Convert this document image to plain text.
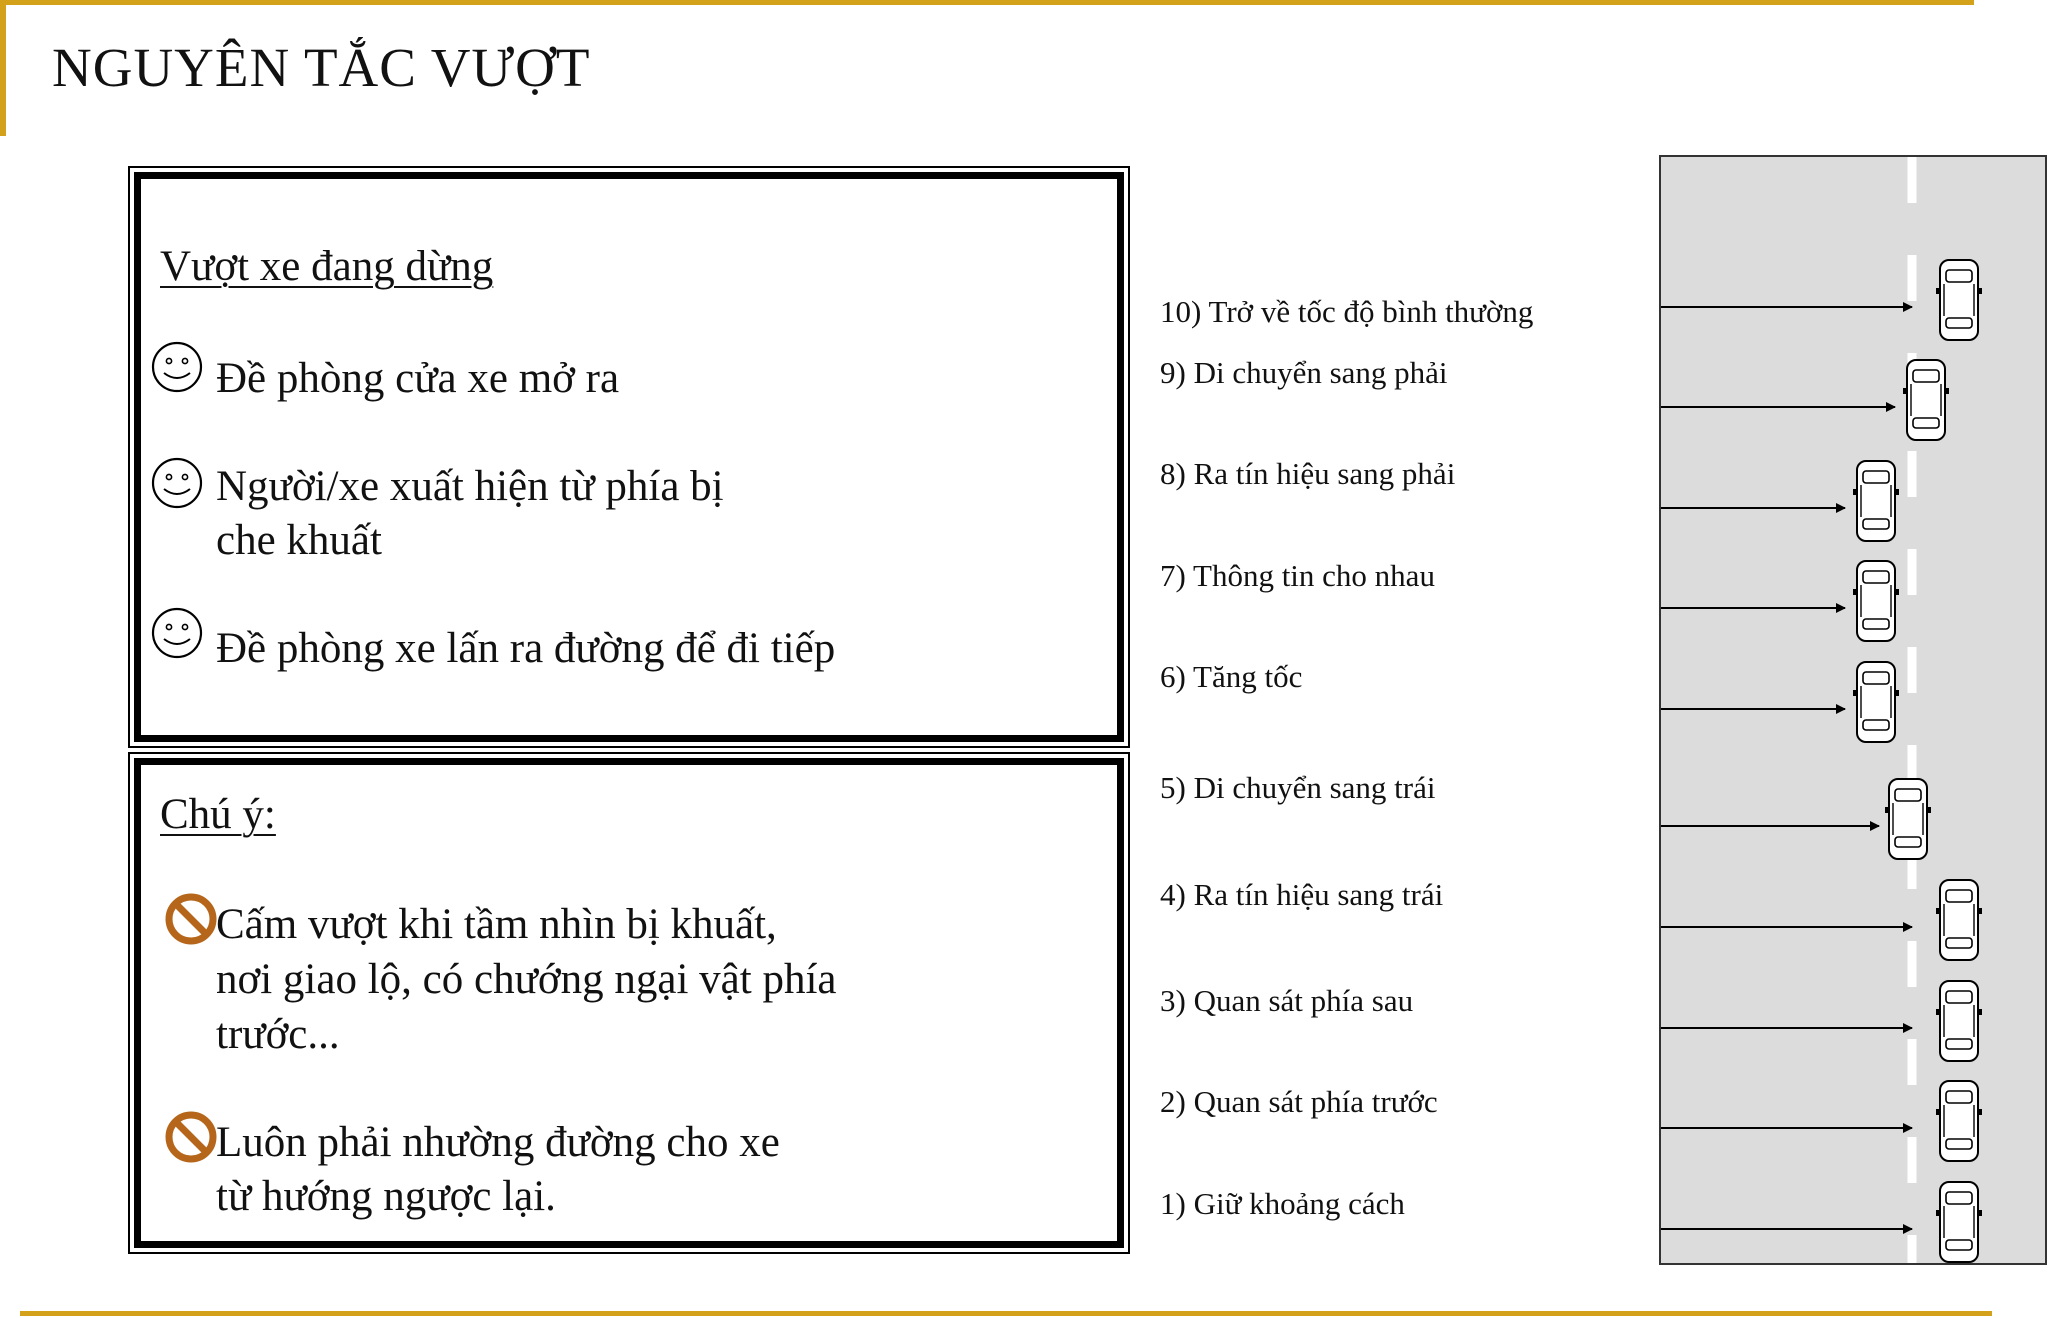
NGUYÊN TẮC VƯỢT
Vượt xe đang dừng
Đề phòng cửa xe mở ra
Người/xe xuất hiện từ phía bị
che khuất
Đề phòng xe lấn ra đường để đi tiếp
Chú ý:
Cấm vượt khi tầm nhìn bị khuất,
nơi giao lộ, có chướng ngại vật phía
trước...
Luôn phải nhường đường cho xe
từ hướng ngược lại.
10) Trở về tốc độ bình thường
9) Di chuyển sang phải
8) Ra tín hiệu sang phải
7) Thông tin cho nhau
6) Tăng tốc
5) Di chuyển sang trái
4) Ra tín hiệu sang trái
3) Quan sát phía sau
2) Quan sát phía trước
1) Giữ khoảng cách
